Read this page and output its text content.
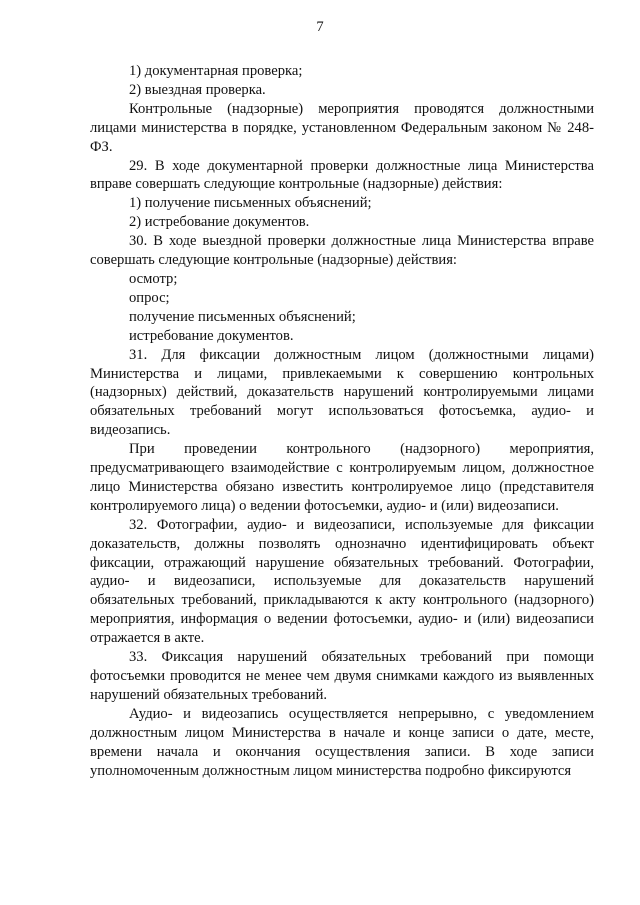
7

1) документарная проверка;

2) выездная проверка.

Контрольные (надзорные) мероприятия проводятся должностными лицами министерства в порядке, установленном Федеральным законом № 248-ФЗ.

29. В ходе документарной проверки должностные лица Министерства вправе совершать следующие контрольные (надзорные) действия:

1) получение письменных объяснений;

2) истребование документов.

30. В ходе выездной проверки должностные лица Министерства вправе совершать следующие контрольные (надзорные) действия:

осмотр;

опрос;

получение письменных объяснений;

истребование документов.

31. Для фиксации должностным лицом (должностными лицами) Министерства и лицами, привлекаемыми к совершению контрольных (надзорных) действий, доказательств нарушений контролируемыми лицами обязательных требований могут использоваться фотосъемка, аудио- и видеозапись.

При проведении контрольного (надзорного) мероприятия, предусматривающего взаимодействие с контролируемым лицом, должностное лицо Министерства обязано известить контролируемое лицо (представителя контролируемого лица) о ведении фотосъемки, аудио- и (или) видеозаписи.

32. Фотографии, аудио- и видеозаписи, используемые для фиксации доказательств, должны позволять однозначно идентифицировать объект фиксации, отражающий нарушение обязательных требований. Фотографии, аудио- и видеозаписи, используемые для доказательств нарушений обязательных требований, прикладываются к акту контрольного (надзорного) мероприятия, информация о ведении фотосъемки, аудио- и (или) видеозаписи отражается в акте.

33. Фиксация нарушений обязательных требований при помощи фотосъемки проводится не менее чем двумя снимками каждого из выявленных нарушений обязательных требований.

Аудио- и видеозапись осуществляется непрерывно, с уведомлением должностным лицом Министерства в начале и конце записи о дате, месте, времени начала и окончания осуществления записи. В ходе записи уполномоченным должностным лицом министерства подробно фиксируются
